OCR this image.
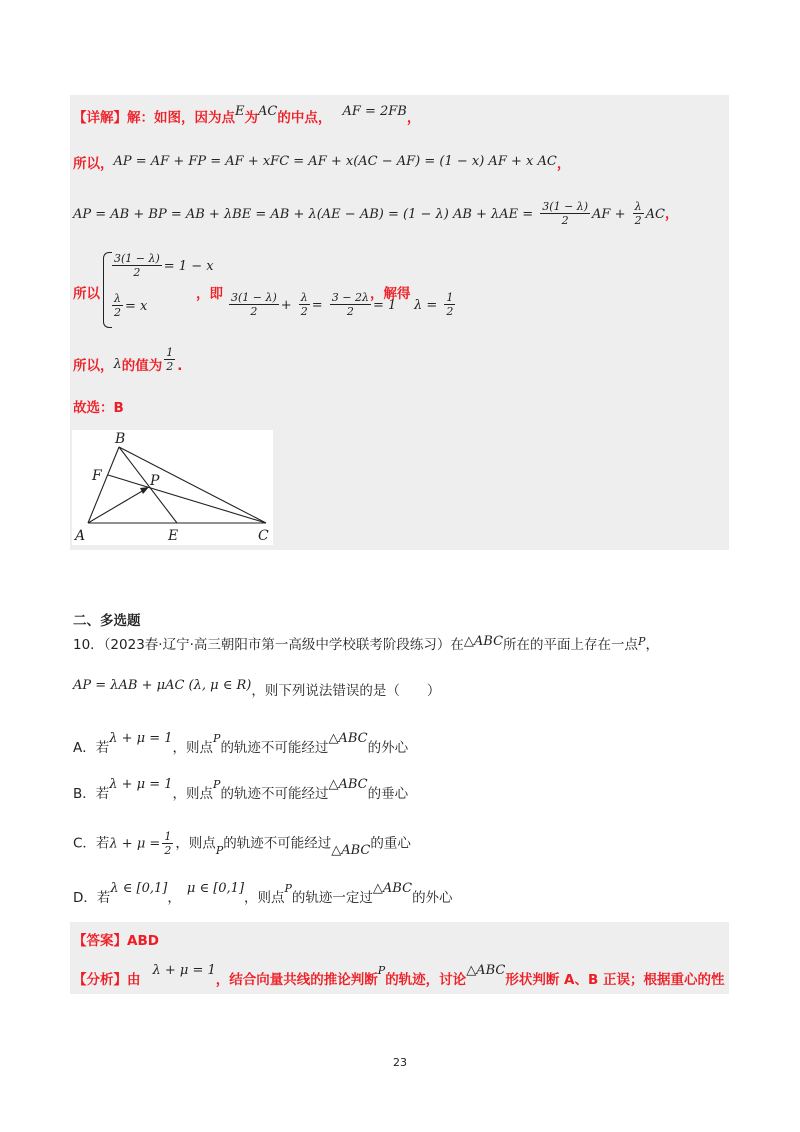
【详解】解：如图，因为点$^E$为$^{AC}$的中点， $^{AF = 2FB}$，
所以，AP = AF + FP = AF + xFC = AF + x(AC − AF) = (1 − x) AF + x AC，
AP = AB + BP = AB + λBE = AB + λ(AE − AB) = (1 − λ) AB + $\lambda AE = \frac{3(1 - \lambda)}{2}$ AF + $\frac{\lambda}{2}$ AC，
所以
$\frac{3(1 - \lambda)}{2} = 1 - x$
$\frac{\lambda}{2} = x$
，即 $\frac{3(1 - \lambda)}{2} + \frac{\lambda}{2} = \frac{3 - 2\lambda}{2} = 1$
，解得
$\lambda = \frac{1}{2}$
所以，λ的值为 $\frac{1}{2}$ .
故选：B
B
F	P
A	E	C
二、多选题
10．（2023春·辽宁·高三朝阳市第一高级中学校联考阶段练习）在△ABC所在的平面上存在一点$^P$，
AP = λAB + μAC (λ, μ ∈ $R)_{,则下列说法错误的是( )}$
A．若λ + μ = 1，则点P的轨迹不可能经过△ABC的外心
B．若λ + μ = 1，则点P的轨迹不可能经过△ABC的垂心
C．若$\lambda + \mu = \frac{1}{2}$ ，则点$_P$的轨迹不可能经过△ABC的重心
D．若λ ∈ [0,1]，μ ∈ [0,1]，则点P的轨迹一定过△ABC的外心
【答案】ABD
$_{【分析】由}\lambda + \mu = 1_{,结合向量共线的推论判断}P_{的轨迹,讨论}\triangle ABC_{形状判断 A、B 正误;根据重心的性}$
23
